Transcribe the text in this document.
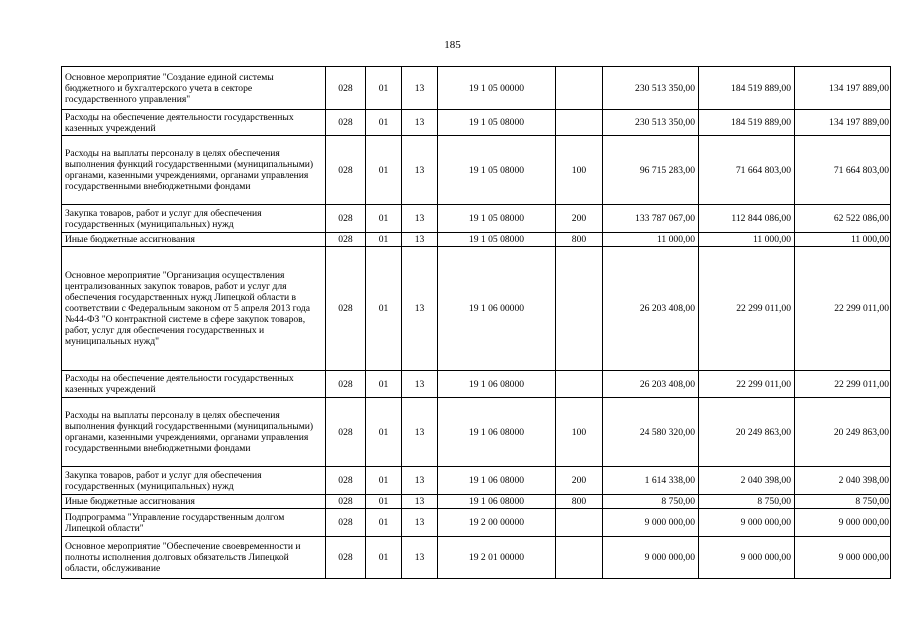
185
Основное мероприятие "Создание единой системы бюджетного и бухгалтерского учета в секторе государственного управления"	028	01	13	19 1 05 00000		230 513 350,00	184 519 889,00	134 197 889,00
Расходы на обеспечение деятельности государственных казенных учреждений	028	01	13	19 1 05 08000		230 513 350,00	184 519 889,00	134 197 889,00
Расходы на выплаты персоналу в целях обеспечения выполнения функций государственными (муниципальными) органами, казенными учреждениями, органами управления государственными внебюджетными фондами	028	01	13	19 1 05 08000	100	96 715 283,00	71 664 803,00	71 664 803,00
Закупка товаров, работ и услуг для обеспечения государственных (муниципальных) нужд	028	01	13	19 1 05 08000	200	133 787 067,00	112 844 086,00	62 522 086,00
Иные бюджетные ассигнования	028	01	13	19 1 05 08000	800	11 000,00	11 000,00	11 000,00
Основное мероприятие "Организация осуществления централизованных закупок товаров, работ и услуг для обеспечения государственных нужд Липецкой области в соответствии с Федеральным законом от 5 апреля 2013 года №44-ФЗ "О контрактной системе в сфере закупок товаров, работ, услуг для обеспечения государственных и муниципальных нужд"	028	01	13	19 1 06 00000		26 203 408,00	22 299 011,00	22 299 011,00
Расходы на обеспечение деятельности государственных казенных учреждений	028	01	13	19 1 06 08000		26 203 408,00	22 299 011,00	22 299 011,00
Расходы на выплаты персоналу в целях обеспечения выполнения функций государственными (муниципальными) органами, казенными учреждениями, органами управления государственными внебюджетными фондами	028	01	13	19 1 06 08000	100	24 580 320,00	20 249 863,00	20 249 863,00
Закупка товаров, работ и услуг для обеспечения государственных (муниципальных) нужд	028	01	13	19 1 06 08000	200	1 614 338,00	2 040 398,00	2 040 398,00
Иные бюджетные ассигнования	028	01	13	19 1 06 08000	800	8 750,00	8 750,00	8 750,00
Подпрограмма "Управление государственным долгом Липецкой области"	028	01	13	19 2 00 00000		9 000 000,00	9 000 000,00	9 000 000,00
Основное мероприятие "Обеспечение своевременности и полноты исполнения долговых обязательств Липецкой области, обслуживание	028	01	13	19 2 01 00000		9 000 000,00	9 000 000,00	9 000 000,00
